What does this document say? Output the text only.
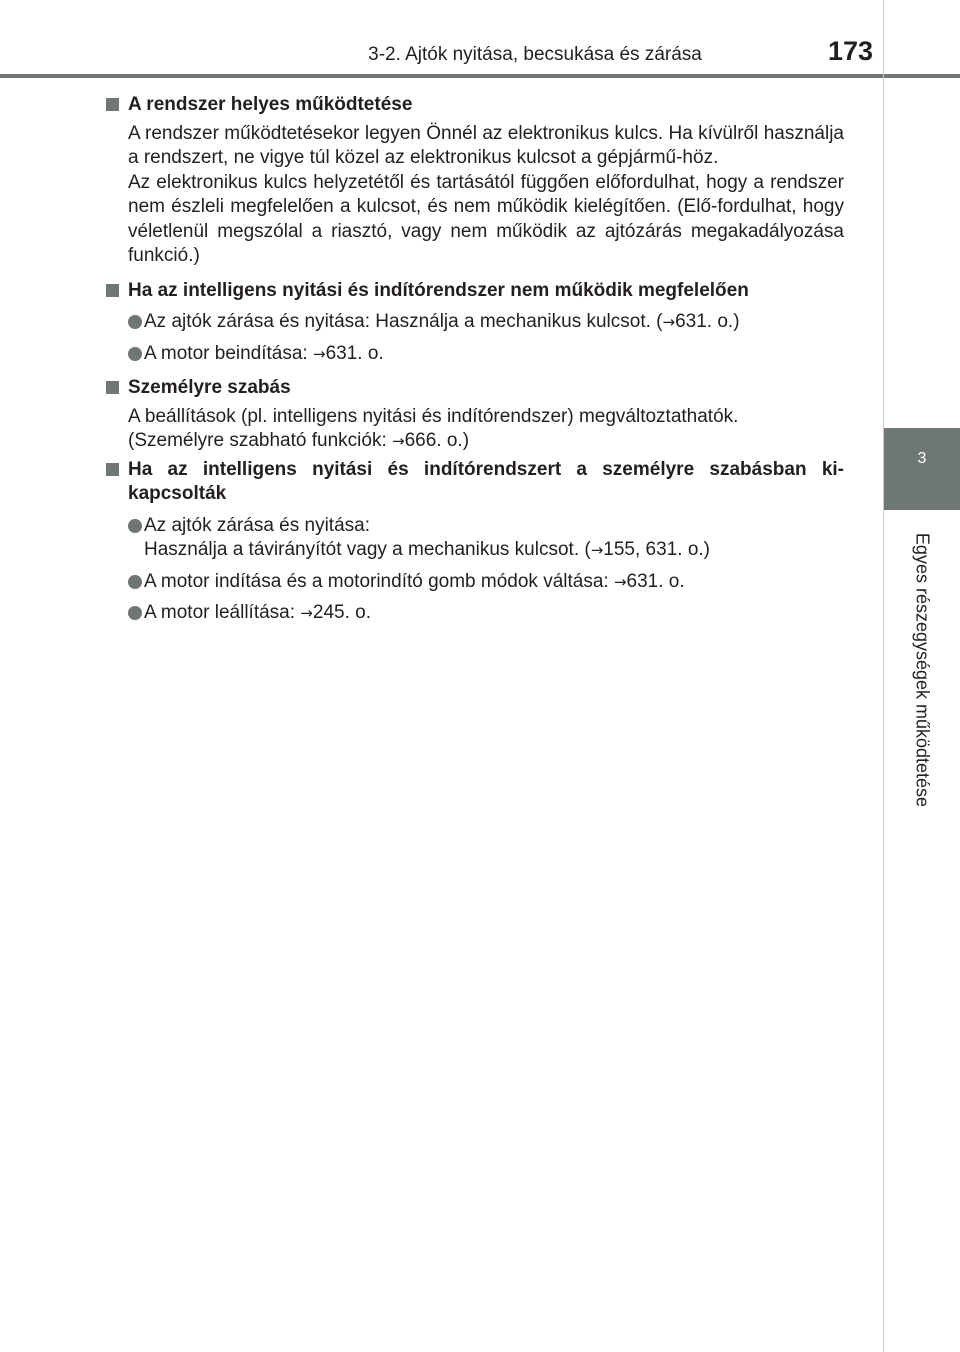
3-2. Ajtók nyitása, becsukása és zárása	173
3
Egyes részegységek működtetése
A rendszer helyes működtetése
A rendszer működtetésekor legyen Önnél az elektronikus kulcs. Ha kívülről használja a rendszert, ne vigye túl közel az elektronikus kulcsot a gépjármű-höz.
Az elektronikus kulcs helyzetétől és tartásától függően előfordulhat, hogy a rendszer nem észleli megfelelően a kulcsot, és nem működik kielégítően. (Elő-fordulhat, hogy véletlenül megszólal a riasztó, vagy nem működik az ajtózárás megakadályozása funkció.)
Ha az intelligens nyitási és indítórendszer nem működik megfelelően
Az ajtók zárása és nyitása: Használja a mechanikus kulcsot. (→631. o.)
A motor beindítása: →631. o.
Személyre szabás
A beállítások (pl. intelligens nyitási és indítórendszer) megváltoztathatók.
(Személyre szabható funkciók: →666. o.)
Ha az intelligens nyitási és indítórendszert a személyre szabásban ki-kapcsolták
Az ajtók zárása és nyitása:
Használja a távirányítót vagy a mechanikus kulcsot. (→155, 631. o.)
A motor indítása és a motorindító gomb módok váltása: →631. o.
A motor leállítása: →245. o.
